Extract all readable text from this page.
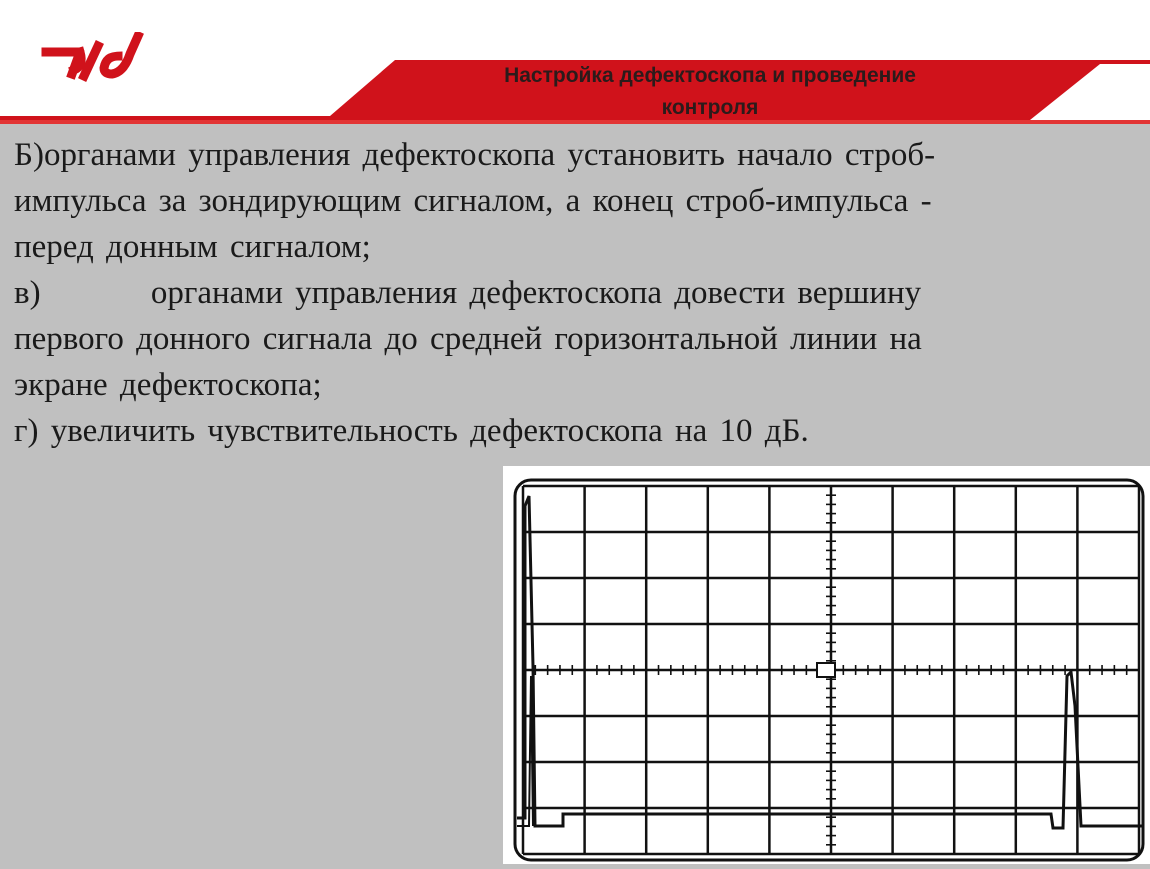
Настройка дефектоскопа и проведение
контроля

Б)органами управления дефектоскопа установить начало строб-

импульса за зондирующим сигналом, а конец строб-импульса -

перед донным сигналом;

в)         органами управления дефектоскопа довести вершину

первого донного сигнала до средней горизонтальной линии на

экране дефектоскопа;

г) увеличить чувствительность дефектоскопа на 10 дБ.
